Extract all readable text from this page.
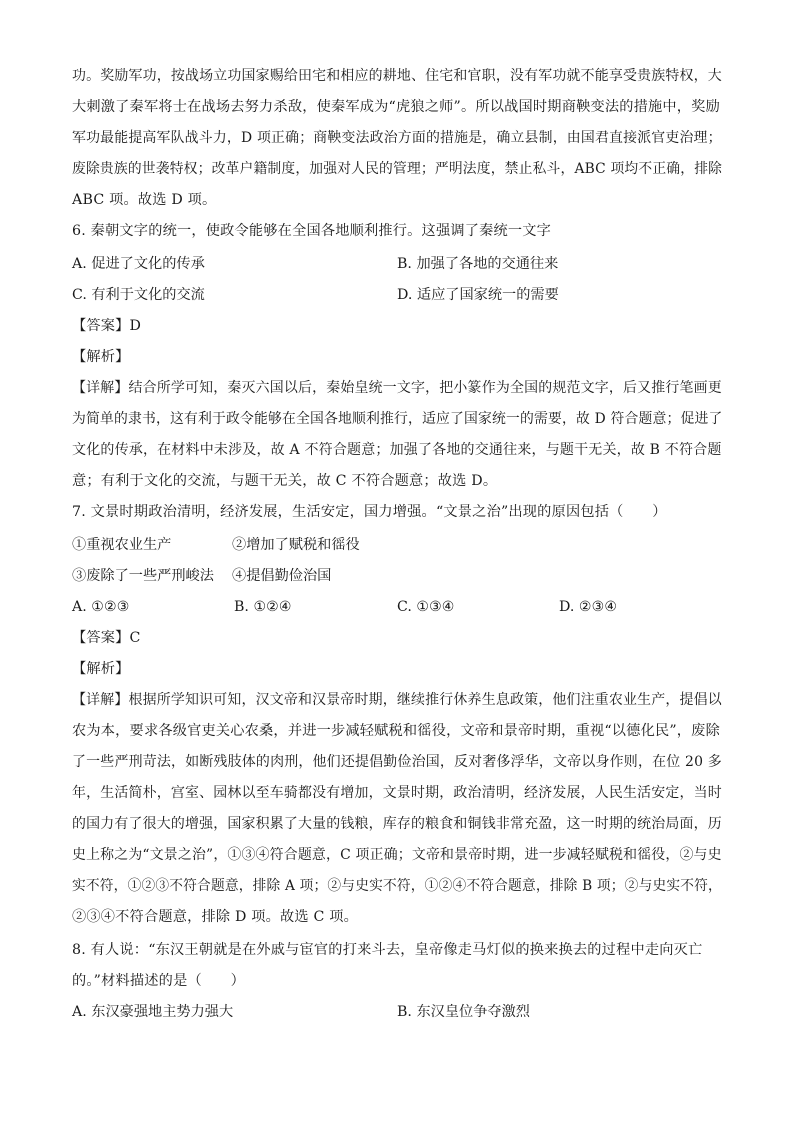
功。奖励军功，按战场立功国家赐给田宅和相应的耕地、住宅和官职，没有军功就不能享受贵族特权，大
大刺激了秦军将士在战场去努力杀敌，使秦军成为“虎狼之师”。所以战国时期商鞅变法的措施中，奖励
军功最能提高军队战斗力，D 项正确；商鞅变法政治方面的措施是，确立县制，由国君直接派官吏治理；
废除贵族的世袭特权；改革户籍制度，加强对人民的管理；严明法度，禁止私斗，ABC 项均不正确，排除
ABC 项。故选 D 项。
6. 秦朝文字的统一，使政令能够在全国各地顺利推行。这强调了秦统一文字
A. 促进了文化的传承	B. 加强了各地的交通往来
C. 有利于文化的交流	D. 适应了国家统一的需要
【答案】D
【解析】
【详解】结合所学可知，秦灭六国以后，秦始皇统一文字，把小篆作为全国的规范文字，后又推行笔画更
为简单的隶书，这有利于政令能够在全国各地顺利推行，适应了国家统一的需要，故 D 符合题意；促进了
文化的传承，在材料中未涉及，故 A 不符合题意；加强了各地的交通往来，与题干无关，故 B 不符合题
意；有利于文化的交流，与题干无关，故 C 不符合题意；故选 D。
7. 文景时期政治清明，经济发展，生活安定，国力增强。“文景之治”出现的原因包括（　　）
①重视农业生产	②增加了赋税和徭役
③废除了一些严刑峻法 ④提倡勤俭治国
A. ①②③	B. ①②④	C. ①③④	D. ②③④
【答案】C
【解析】
【详解】根据所学知识可知，汉文帝和汉景帝时期，继续推行休养生息政策，他们注重农业生产，提倡以
农为本，要求各级官吏关心农桑，并进一步减轻赋税和徭役，文帝和景帝时期，重视“以德化民”，废除
了一些严刑苛法，如断残肢体的肉刑，他们还提倡勤俭治国，反对奢侈浮华，文帝以身作则，在位 20 多
年，生活简朴，宫室、园林以至车骑都没有增加，文景时期，政治清明，经济发展，人民生活安定，当时
的国力有了很大的增强，国家积累了大量的钱粮，库存的粮食和铜钱非常充盈，这一时期的统治局面，历
史上称之为“文景之治”，①③④符合题意，C 项正确；文帝和景帝时期，进一步减轻赋税和徭役，②与史
实不符，①②③不符合题意，排除 A 项；②与史实不符，①②④不符合题意，排除 B 项；②与史实不符，
②③④不符合题意，排除 D 项。故选 C 项。
8. 有人说：“东汉王朝就是在外戚与宦官的打来斗去，皇帝像走马灯似的换来换去的过程中走向灭亡
的。”材料描述的是（　　）
A. 东汉豪强地主势力强大	B. 东汉皇位争夺激烈
